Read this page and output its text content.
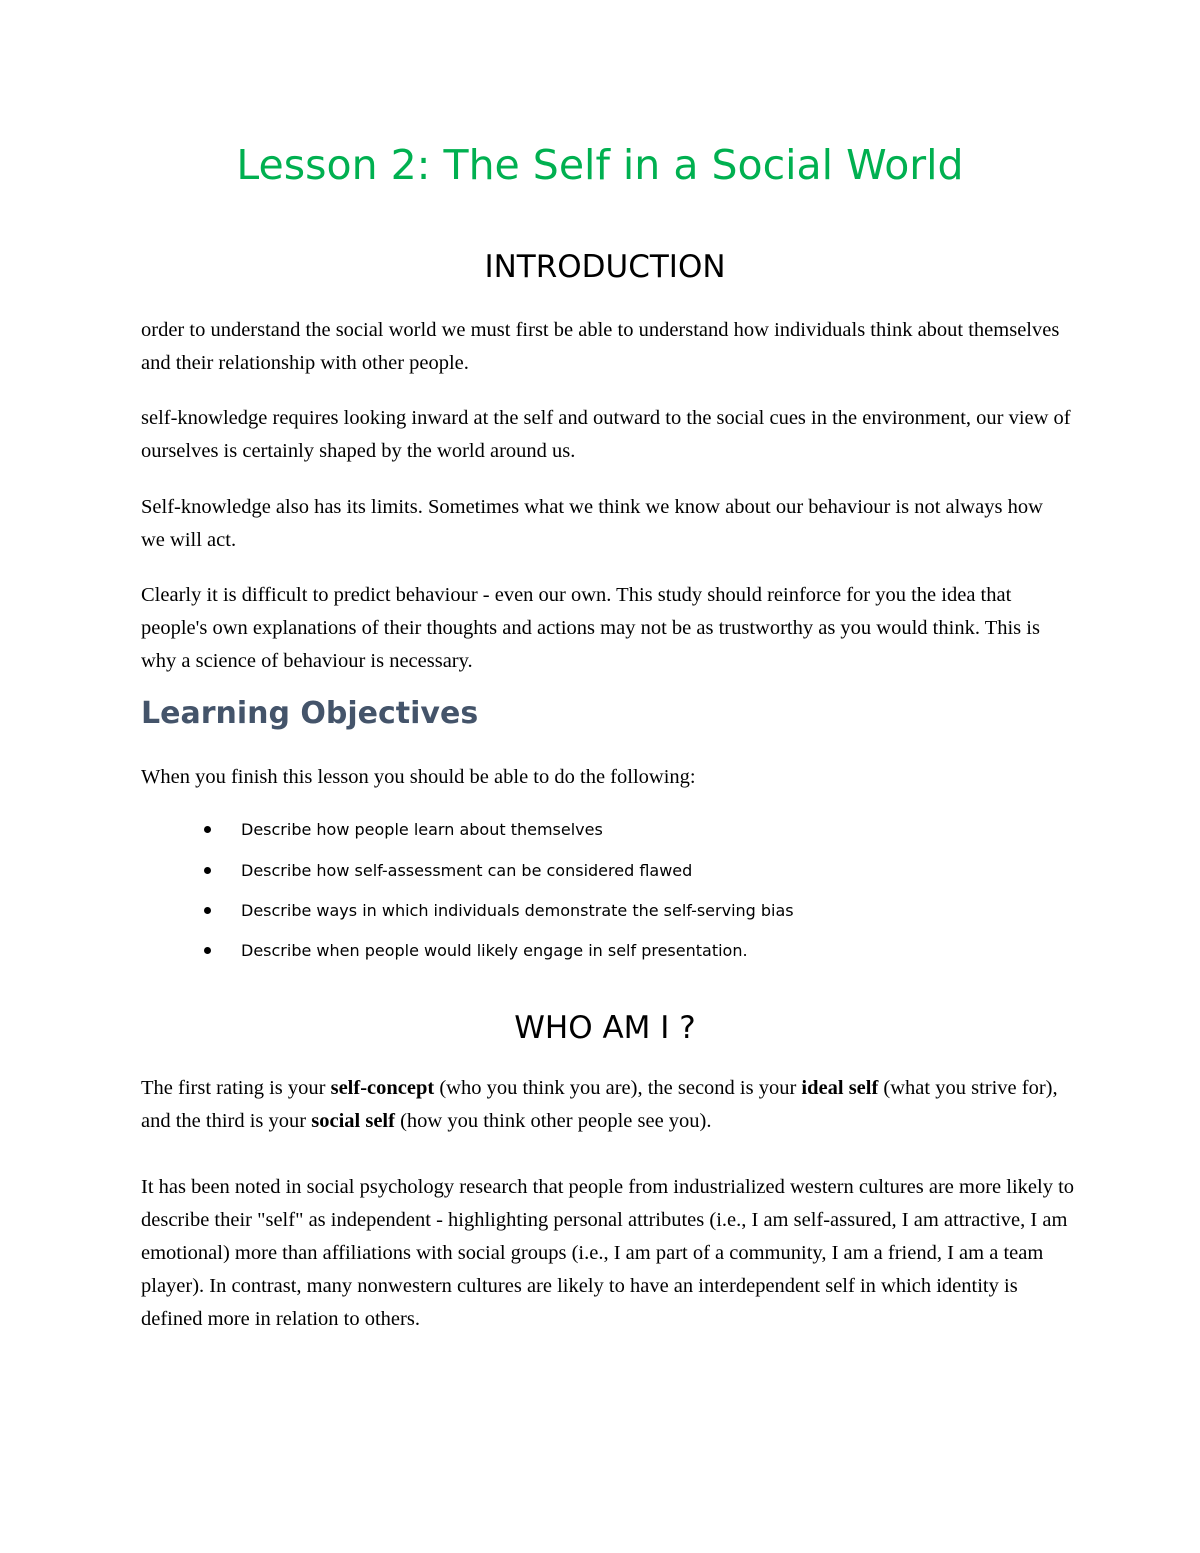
Lesson 2: The Self in a Social World
INTRODUCTION

order to understand the social world we must first be able to understand how individuals think about themselves and their relationship with other people.

self-knowledge requires looking inward at the self and outward to the social cues in the environment, our view of ourselves is certainly shaped by the world around us.

Self-knowledge also has its limits. Sometimes what we think we know about our behaviour is not always how we will act.

Clearly it is difficult to predict behaviour - even our own. This study should reinforce for you the idea that people's own explanations of their thoughts and actions may not be as trustworthy as you would think. This is why a science of behaviour is necessary.

Learning Objectives

When you finish this lesson you should be able to do the following:

Describe how people learn about themselves
Describe how self-assessment can be considered flawed
Describe ways in which individuals demonstrate the self-serving bias
Describe when people would likely engage in self presentation.
WHO AM I ?

The first rating is your self-concept (who you think you are), the second is your ideal self (what you strive for), and the third is your social self (how you think other people see you).

It has been noted in social psychology research that people from industrialized western cultures are more likely to describe their "self" as independent - highlighting personal attributes (i.e., I am self-assured, I am attractive, I am emotional) more than affiliations with social groups (i.e., I am part of a community, I am a friend, I am a team player). In contrast, many nonwestern cultures are likely to have an interdependent self in which identity is defined more in relation to others.
